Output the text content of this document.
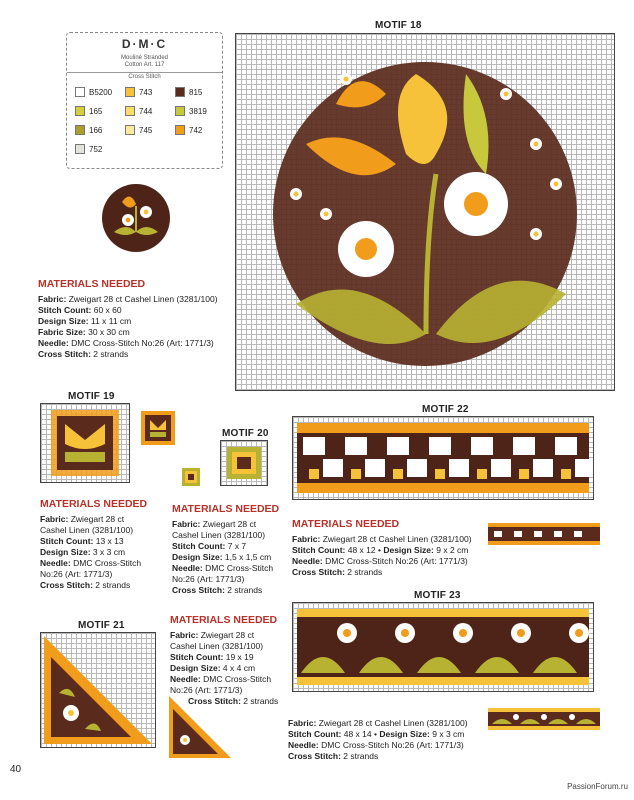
D·M·C
Mouliné Stranded
Cotton Art. 117
Cross Stitch
B5200	743	815
165	744	3819
166	745	742
752
MOTIF 18
MATERIALS NEEDED
Fabric: Zweigart 28 ct Cashel Linen (3281/100)
Stitch Count: 60 x 60
Design Size: 11 x 11 cm
Fabric Size: 30 x 30 cm
Needle: DMC Cross-Stitch No:26 (Art: 1771/3)
Cross Stitch: 2 strands
MOTIF 19
MATERIALS NEEDED
Fabric: Zwiegart 28 ct
Cashel Linen (3281/100)
Stitch Count: 13 x 13
Design Size: 3 x 3 cm
Needle: DMC Cross-Stitch
No:26 (Art: 1771/3)
Cross Stitch: 2 strands
MOTIF 20
MATERIALS NEEDED
Fabric: Zwiegart 28 ct
Cashel Linen (3281/100)
Stitch Count: 7 x 7
Design Size: 1,5 x 1,5 cm
Needle: DMC Cross-Stitch
No:26 (Art: 1771/3)
Cross Stitch: 2 strands
MOTIF 22
MATERIALS NEEDED
Fabric: Zwiegart 28 ct Cashel Linen (3281/100)
Stitch Count: 48 x 12 • Design Size: 9 x 2 cm
Needle: DMC Cross-Stitch No:26 (Art: 1771/3)
Cross Stitch: 2 strands
MOTIF 23
Fabric: Zwiegart 28 ct Cashel Linen (3281/100)
Stitch Count: 48 x 14 • Design Size: 9 x 3 cm
Needle: DMC Cross-Stitch No:26 (Art: 1771/3)
Cross Stitch: 2 strands
MOTIF 21	MATERIALS NEEDED
Fabric: Zwiegart 28 ct
Cashel Linen (3281/100)
Stitch Count: 19 x 19
Design Size: 4 x 4 cm
Needle: DMC Cross-Stitch
No:26 (Art: 1771/3)
Cross Stitch: 2 strands
40
PassionForum.ru
